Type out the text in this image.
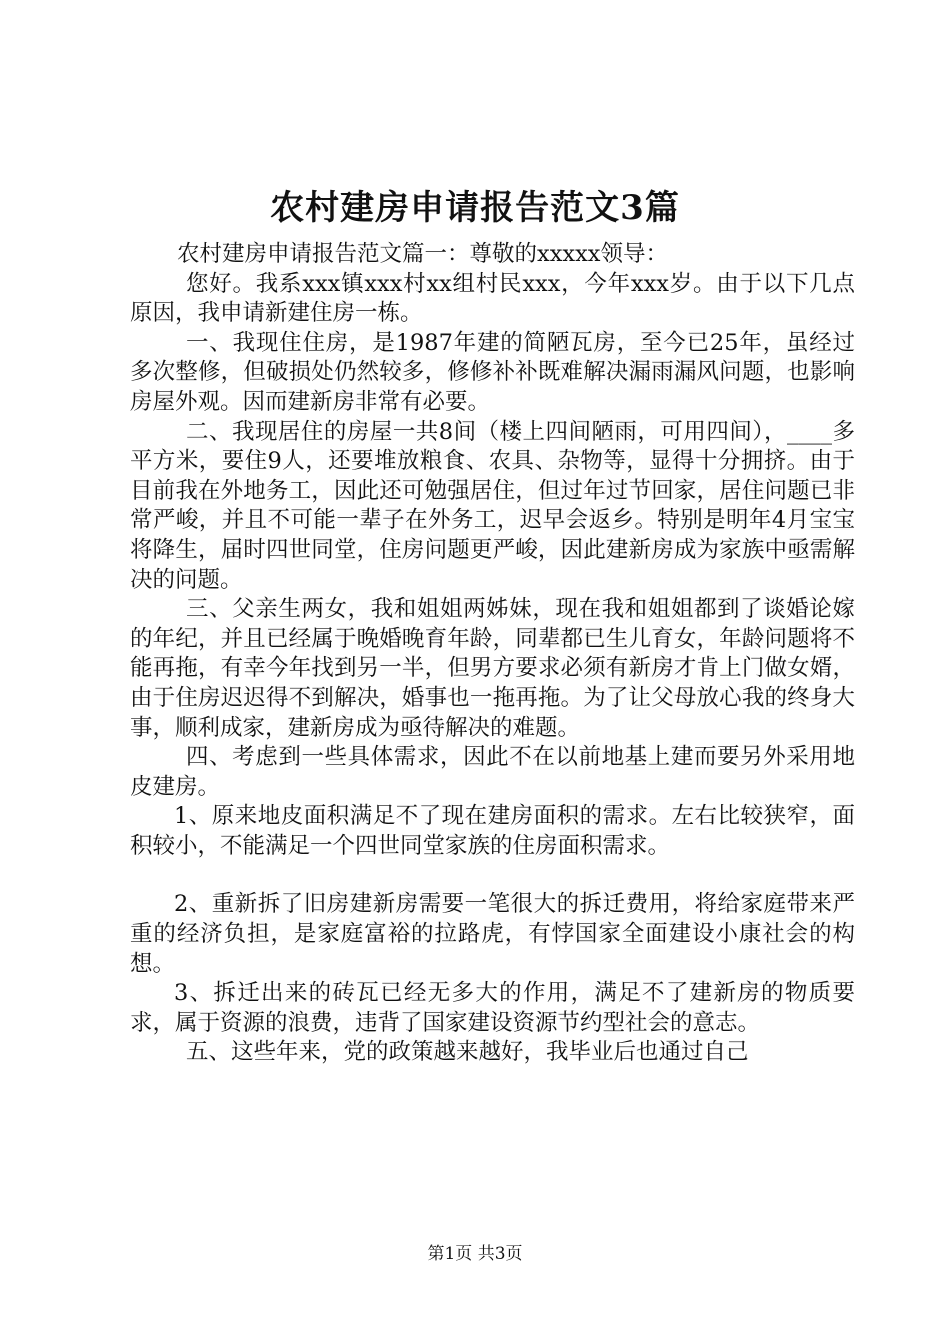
农村建房申请报告范文3篇

农村建房申请报告范文篇一：尊敬的xxxxx领导：

您好。我系xxx镇xxx村xx组村民xxx，今年xxx岁。由于以下几点原因，我申请新建住房一栋。

一、我现住住房，是1987年建的简陋瓦房，至今已25年，虽经过多次整修，但破损处仍然较多，修修补补既难解决漏雨漏风问题，也影响房屋外观。因而建新房非常有必要。

二、我现居住的房屋一共8间（楼上四间陋雨，可用四间），____多平方米，要住9人，还要堆放粮食、农具、杂物等，显得十分拥挤。由于目前我在外地务工，因此还可勉强居住，但过年过节回家，居住问题已非常严峻，并且不可能一辈子在外务工，迟早会返乡。特别是明年4月宝宝将降生，届时四世同堂，住房问题更严峻，因此建新房成为家族中亟需解决的问题。

三、父亲生两女，我和姐姐两姊妹，现在我和姐姐都到了谈婚论嫁的年纪，并且已经属于晚婚晚育年龄，同辈都已生儿育女，年龄问题将不能再拖，有幸今年找到另一半，但男方要求必须有新房才肯上门做女婿，由于住房迟迟得不到解决，婚事也一拖再拖。为了让父母放心我的终身大事，顺利成家，建新房成为亟待解决的难题。

四、考虑到一些具体需求，因此不在以前地基上建而要另外采用地皮建房。

1、原来地皮面积满足不了现在建房面积的需求。左右比较狭窄，面积较小，不能满足一个四世同堂家族的住房面积需求。

2、重新拆了旧房建新房需要一笔很大的拆迁费用，将给家庭带来严重的经济负担，是家庭富裕的拉路虎，有悖国家全面建设小康社会的构想。

3、拆迁出来的砖瓦已经无多大的作用，满足不了建新房的物质要求，属于资源的浪费，违背了国家建设资源节约型社会的意志。

五、这些年来，党的政策越来越好，我毕业后也通过自己

第1页 共3页
